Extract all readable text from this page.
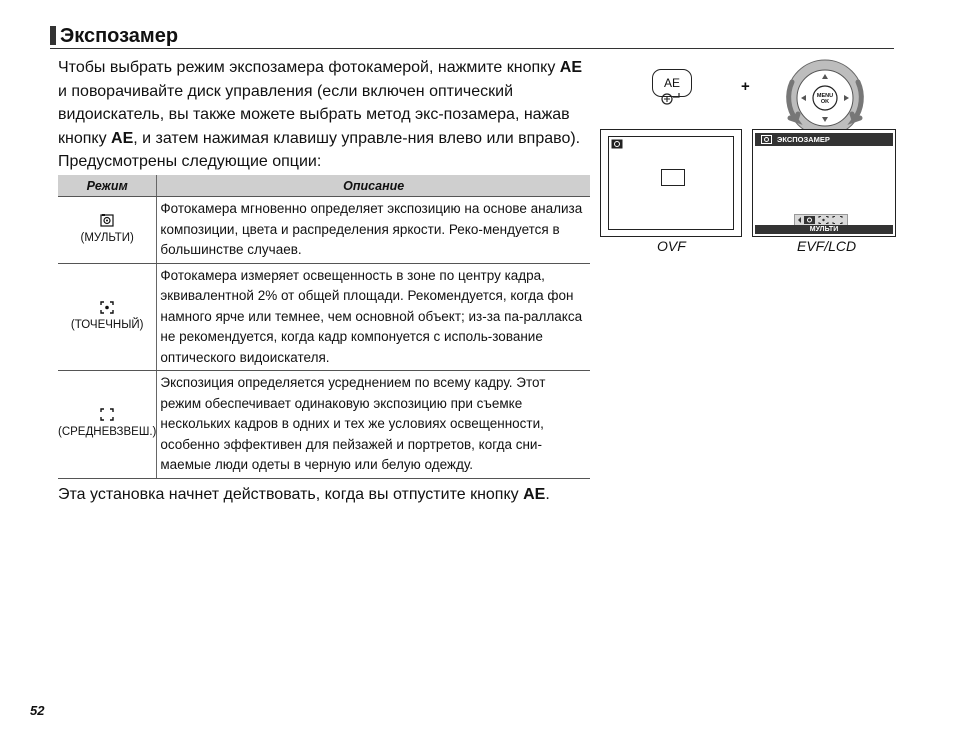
Экспозамер

Чтобы выбрать режим экспозамера фотокамерой, нажмите кнопку AE и поворачивайте диск управления (если включен оптический видоискатель, вы также можете выбрать метод экс-позамера, нажав кнопку AE, и затем нажимая клавишу управле-ния влево или вправо). Предусмотрены следующие опции:

Режим	Описание

(МУЛЬТИ)	Фотокамера мгновенно определяет экспозицию на основе анализа композиции, цвета и распределения яркости. Реко-мендуется в большинстве случаев.

(ТОЧЕЧНЫЙ)	Фотокамера измеряет освещенность в зоне по центру кадра, эквивалентной 2% от общей площади. Рекомендуется, когда фон намного ярче или темнее, чем основной объект; из-за па-раллакса не рекомендуется, когда кадр компонуется с исполь-зование оптического видоискателя.

(СРЕДНЕВЗВЕШ.)	Экспозиция определяется усреднением по всему кадру. Этот режим обеспечивает одинаковую экспозицию при съемке нескольких кадров в одних и тех же условиях освещенности, особенно эффективен для пейзажей и портретов, когда сни-маемые люди одеты в черную или белую одежду.

Эта установка начнет действовать, когда вы отпустите кнопку AE.

AE	+
MENU
OK
OVF
ЭКСПОЗАМЕР
МУЛЬТИ
EVF/LCD
52
